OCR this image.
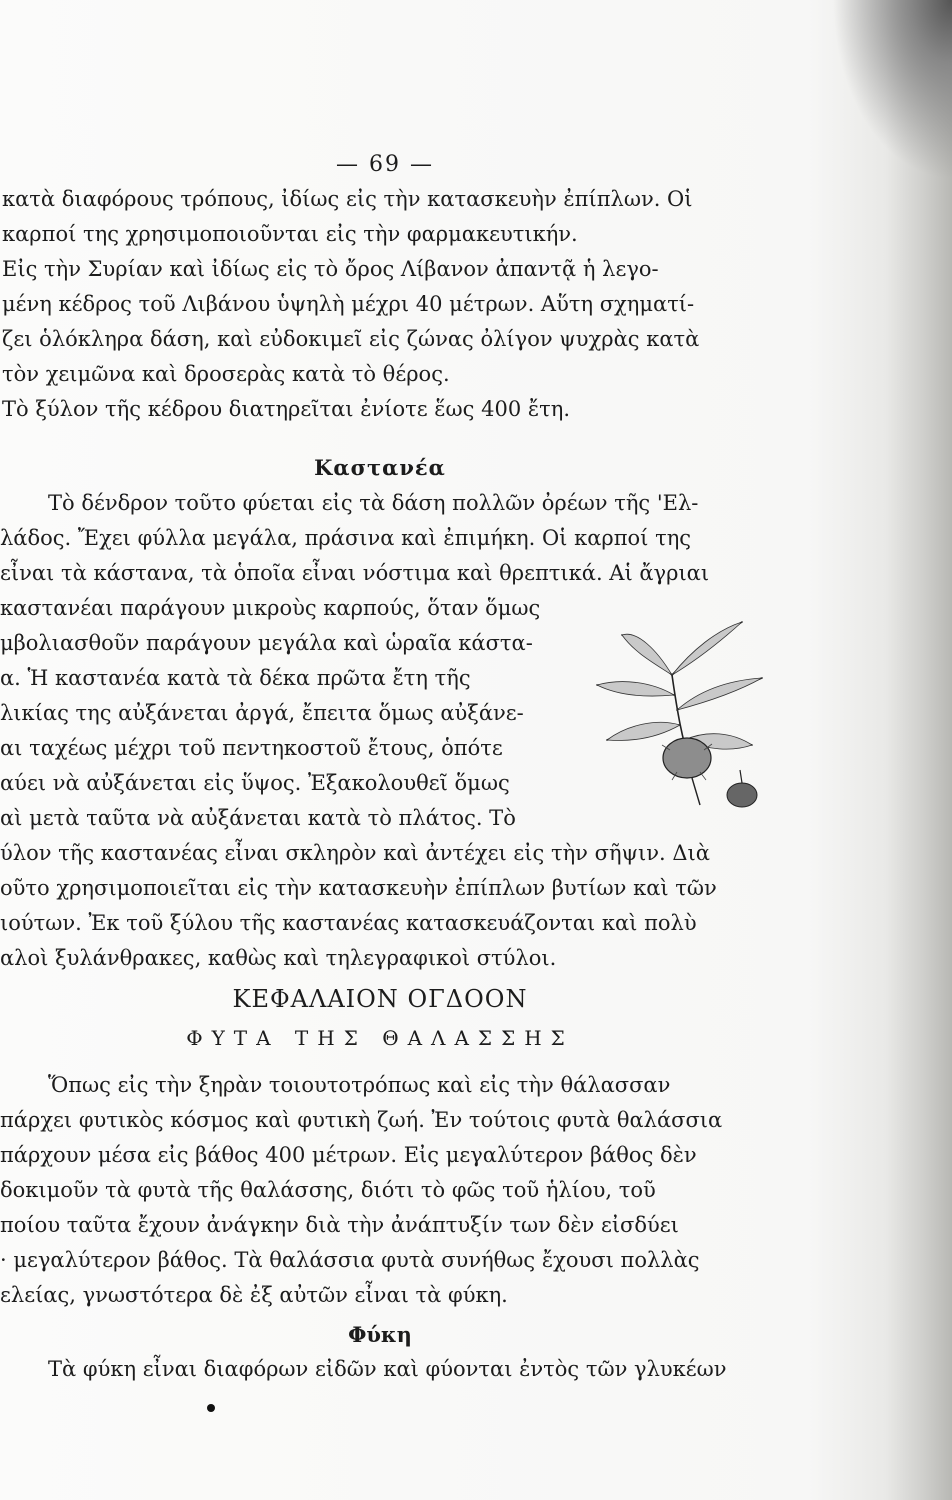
— 69 —
κατὰ διαφόρους τρόπους, ἰδίως εἰς τὴν κατασκευὴν ἐπίπλων. Οἱ
καρποί της χρησιμοποιοῦνται εἰς τὴν φαρμακευτικήν.
Εἰς τὴν Συρίαν καὶ ἰδίως εἰς τὸ ὄρος Λίβανον ἀπαντᾷ ἡ λεγο-
μένη κέδρος τοῦ Λιβάνου ὑψηλὴ μέχρι 40 μέτρων. Αὕτη σχηματί-
ζει ὁλόκληρα δάση, καὶ εὐδοκιμεῖ εἰς ζώνας ὀλίγον ψυχρὰς κατὰ
τὸν χειμῶνα καὶ δροσερὰς κατὰ τὸ θέρος.
Τὸ ξύλον τῆς κέδρου διατηρεῖται ἐνίοτε ἕως 400 ἔτη.
Καστανέα
Τὸ δένδρον τοῦτο φύεται εἰς τὰ δάση πολλῶν ὀρέων τῆς 'Ελ-
λάδος. Ἔχει φύλλα μεγάλα, πράσινα καὶ ἐπιμήκη. Οἱ καρποί της
εἶναι τὰ κάστανα, τὰ ὁποῖα εἶναι νόστιμα καὶ θρεπτικά. Αἱ ἄγριαι
καστανέαι παράγουν μικροὺς καρπούς, ὅταν ὅμως
μβολιασθοῦν παράγουν μεγάλα καὶ ὡραῖα κάστα-
α. Ἡ καστανέα κατὰ τὰ δέκα πρῶτα ἔτη τῆς
λικίας της αὐξάνεται ἀργά, ἔπειτα ὅμως αὐξάνε-
αι ταχέως μέχρι τοῦ πεντηκοστοῦ ἔτους, ὁπότε
αύει νὰ αὐξάνεται εἰς ὕψος. Ἐξακολουθεῖ ὅμως
αὶ μετὰ ταῦτα νὰ αὐξάνεται κατὰ τὸ πλάτος. Τὸ
ύλον τῆς καστανέας εἶναι σκληρὸν καὶ ἀντέχει εἰς τὴν σῆψιν. Διὰ
οῦτο χρησιμοποιεῖται εἰς τὴν κατασκευὴν ἐπίπλων βυτίων καὶ τῶν
ιούτων. Ἐκ τοῦ ξύλου τῆς καστανέας κατασκευάζονται καὶ πολὺ
αλοὶ ξυλάνθρακες, καθὼς καὶ τηλεγραφικοὶ στύλοι.
ΚΕΦΑΛΑΙΟΝ ΟΓΔΟΟΝ
ΦΥΤΑ ΤΗΣ ΘΑΛΑΣΣΗΣ
Ὅπως εἰς τὴν ξηρὰν τοιουτοτρόπως καὶ εἰς τὴν θάλασσαν
πάρχει φυτικὸς κόσμος καὶ φυτικὴ ζωή. Ἐν τούτοις φυτὰ θαλάσσια
πάρχουν μέσα εἰς βάθος 400 μέτρων. Εἰς μεγαλύτερον βάθος δὲν
δοκιμοῦν τὰ φυτὰ τῆς θαλάσσης, διότι τὸ φῶς τοῦ ἡλίου, τοῦ
ποίου ταῦτα ἔχουν ἀνάγκην διὰ τὴν ἀνάπτυξίν των δὲν εἰσδύει
· μεγαλύτερον βάθος. Τὰ θαλάσσια φυτὰ συνήθως ἔχουσι πολλὰς
ελείας, γνωστότερα δὲ ἐξ αὐτῶν εἶναι τὰ φύκη.
Φύκη
Τὰ φύκη εἶναι διαφόρων εἰδῶν καὶ φύονται ἐντὸς τῶν γλυκέων
